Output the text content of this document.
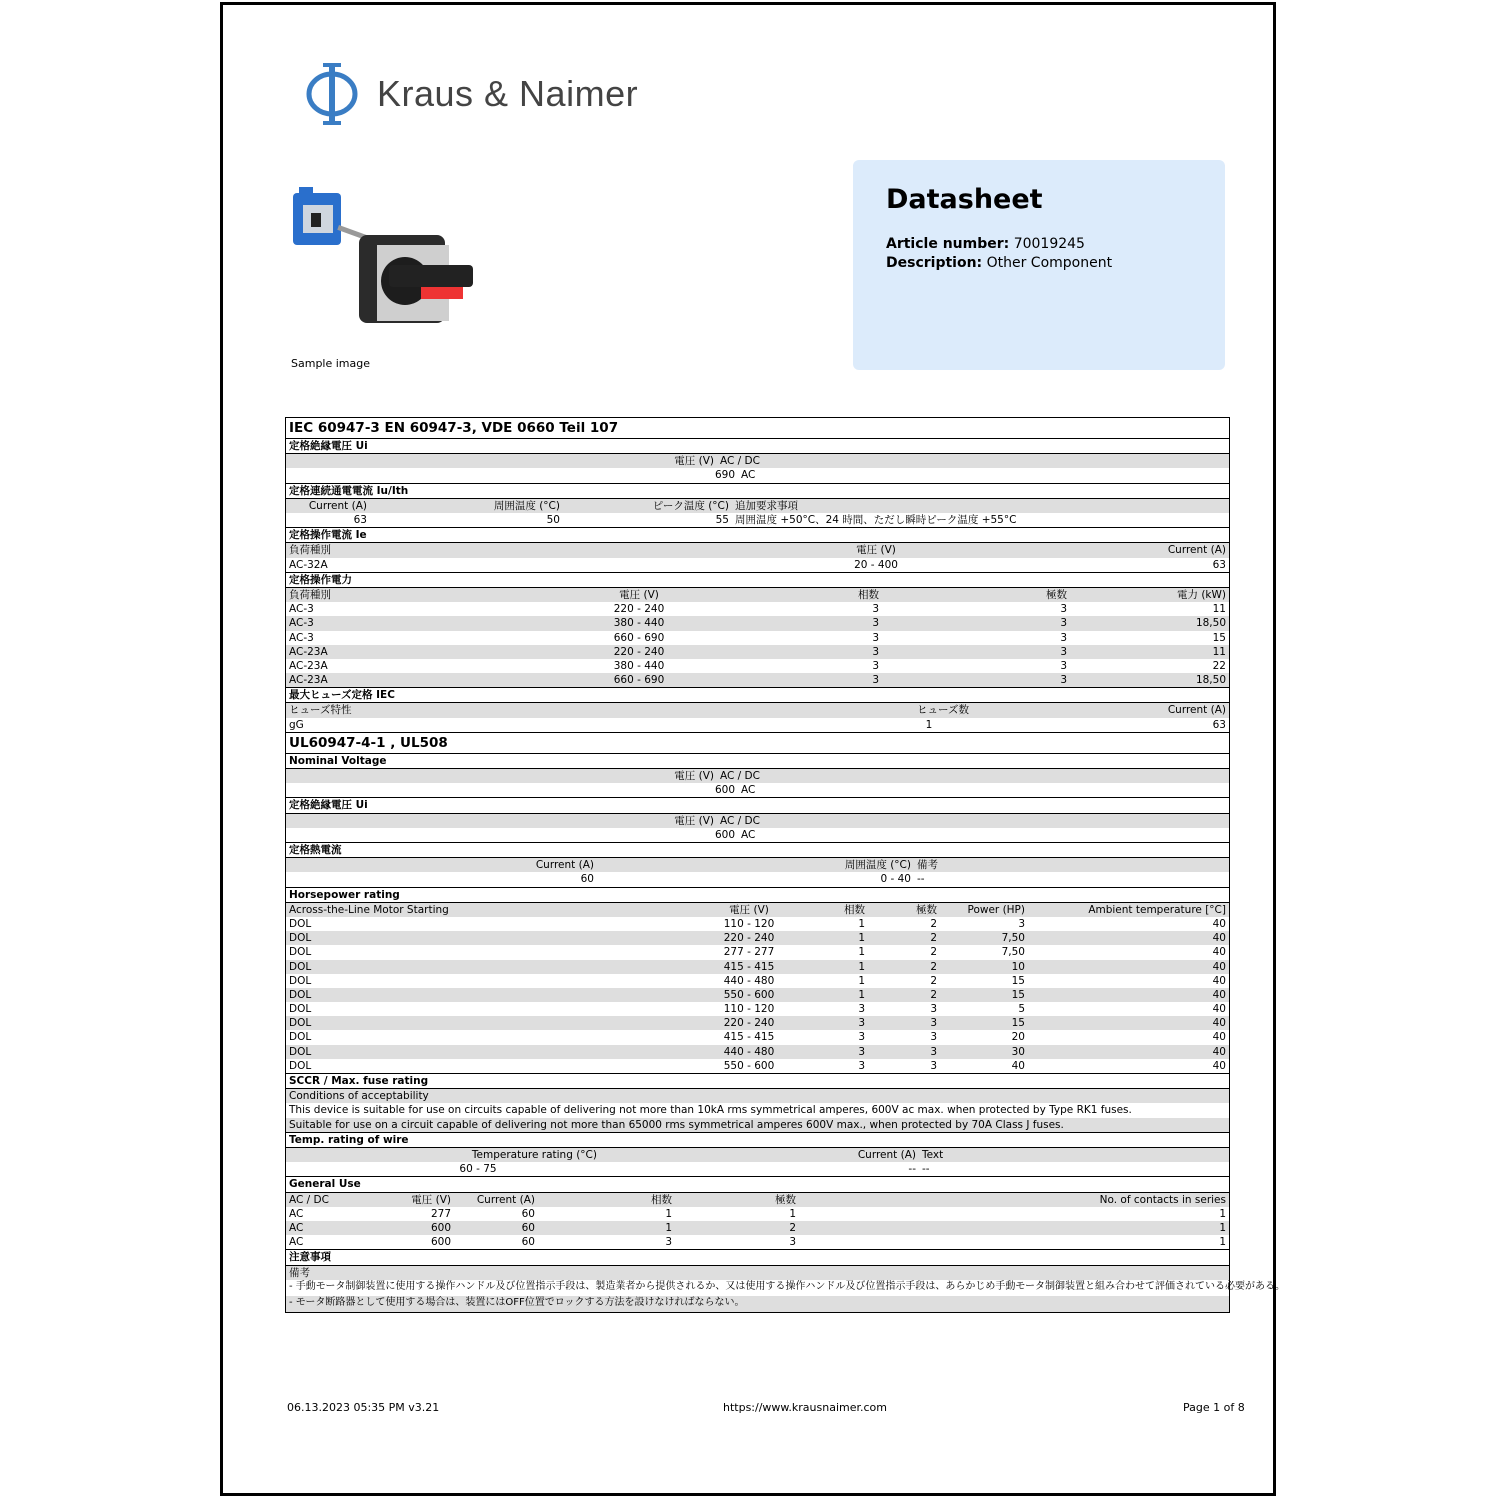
Kraus & Naimer
Sample image
Datasheet
Article number: 70019245
Description: Other Component
IEC 60947-3 EN 60947-3, VDE 0660 Teil 107
定格絶縁電圧 Ui
電圧 (V) AC / DC
690 AC
定格連続通電電流 Iu/Ith
Current (A)	周囲温度 (°C)	ピーク温度 (°C) 追加要求事項
63	50	55 周囲温度 +50°C、24 時間、ただし瞬時ピーク温度 +55°C
定格操作電流 Ie
負荷種別	電圧 (V)	Current (A)
AC-32A	20 - 400	63
定格操作電力
負荷種別	電圧 (V)	相数	極数	電力 (kW)
AC-3	220 - 240	3	3	11
AC-3	380 - 440	3	3	18,50
AC-3	660 - 690	3	3	15
AC-23A	220 - 240	3	3	11
AC-23A	380 - 440	3	3	22
AC-23A	660 - 690	3	3	18,50
最大ヒューズ定格 IEC
ヒューズ特性	ヒューズ数	Current (A)
gG	1	63
UL60947-4-1 , UL508
Nominal Voltage
電圧 (V) AC / DC
600 AC
定格絶縁電圧 Ui
電圧 (V) AC / DC
600 AC
定格熱電流
Current (A)	周囲温度 (°C) 備考
60	0 - 40 --
Horsepower rating
Across-the-Line Motor Starting	電圧 (V)	相数	極数	Power (HP)	Ambient temperature [°C]
DOL	110 - 120	1	2	3	40
DOL	220 - 240	1	2	7,50	40
DOL	277 - 277	1	2	7,50	40
DOL	415 - 415	1	2	10	40
DOL	440 - 480	1	2	15	40
DOL	550 - 600	1	2	15	40
DOL	110 - 120	3	3	5	40
DOL	220 - 240	3	3	15	40
DOL	415 - 415	3	3	20	40
DOL	440 - 480	3	3	30	40
DOL	550 - 600	3	3	40	40
SCCR / Max. fuse rating
Conditions of acceptability
This device is suitable for use on circuits capable of delivering not more than 10kA rms symmetrical amperes, 600V ac max. when protected by Type RK1 fuses.
Suitable for use on a circuit capable of delivering not more than 65000 rms symmetrical amperes 600V max., when protected by 70A Class J fuses.
Temp. rating of wire
Temperature rating (°C)	Current (A) Text
60 - 75	-- --
General Use
AC / DC	電圧 (V)	Current (A)	相数	極数	No. of contacts in series
AC	277	60	1	1	1
AC	600	60	1	2	1
AC	600	60	3	3	1
注意事項
備考
- 手動モータ制御装置に使用する操作ハンドル及び位置指示手段は、製造業者から提供されるか、又は使用する操作ハンドル及び位置指示手段は、あらかじめ手動モータ制御装置と組み合わせて評価されている必要がある。
- モータ断路器として使用する場合は、装置にはOFF位置でロックする方法を設けなければならない。
06.13.2023 05:35 PM v3.21	https://www.krausnaimer.com	Page 1 of 8
